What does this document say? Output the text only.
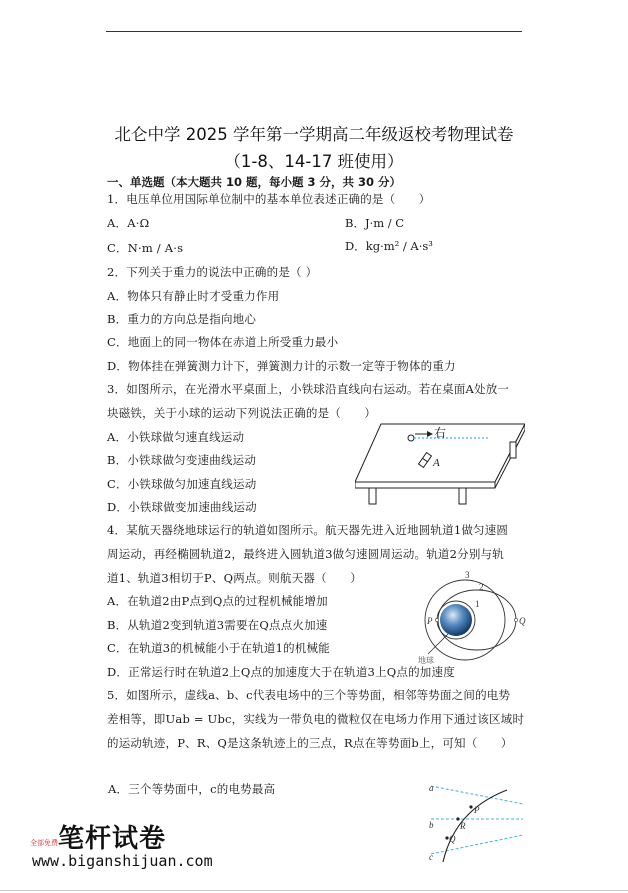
北仑中学 2025 学年第一学期高二年级返校考物理试卷
（1-8、14-17 班使用）
一、单选题（本大题共 10 题，每小题 3 分，共 30 分）
1．电压单位用国际单位制中的基本单位表述正确的是（　　）
A．A·Ω	B．J·m / C
C．N·m / A·s	D．kg·m² / A·s³
2．下列关于重力的说法中正确的是（ ）
A．物体只有静止时才受重力作用
B．重力的方向总是指向地心
C．地面上的同一物体在赤道上所受重力最小
D．物体挂在弹簧测力计下，弹簧测力计的示数一定等于物体的重力
3．如图所示，在光滑水平桌面上，小铁球沿直线向右运动。若在桌面A处放一
块磁铁，关于小球的运动下列说法正确的是（　　）
A．小铁球做匀速直线运动
B．小铁球做匀变速曲线运动
C．小铁球做匀加速直线运动
D．小铁球做变加速曲线运动
右
A
4．某航天器绕地球运行的轨道如图所示。航天器先进入近地圆轨道1做匀速圆
周运动，再经椭圆轨道2，最终进入圆轨道3做匀速圆周运动。轨道2分别与轨
道1、轨道3相切于P、Q两点。则航天器（　　）
A．在轨道2由P点到Q点的过程机械能增加
B．从轨道2变到轨道3需要在Q点点火加速
C．在轨道3的机械能小于在轨道1的机械能
D．正常运行时在轨道2上Q点的加速度大于在轨道3上Q点的加速度
3
2
1
P	Q
地球
5．如图所示，虚线a、b、c代表电场中的三个等势面，相邻等势面之间的电势
差相等，即Uab = Ubc，实线为一带负电的微粒仅在电场力作用下通过该区域时
的运动轨迹，P、R、Q是这条轨迹上的三点，R点在等势面b上，可知（　　）
A．三个等势面中，c的电势最高	a
b
c
P
R
Q
笔杆试卷
全部免费
www.biganshijuan.com
